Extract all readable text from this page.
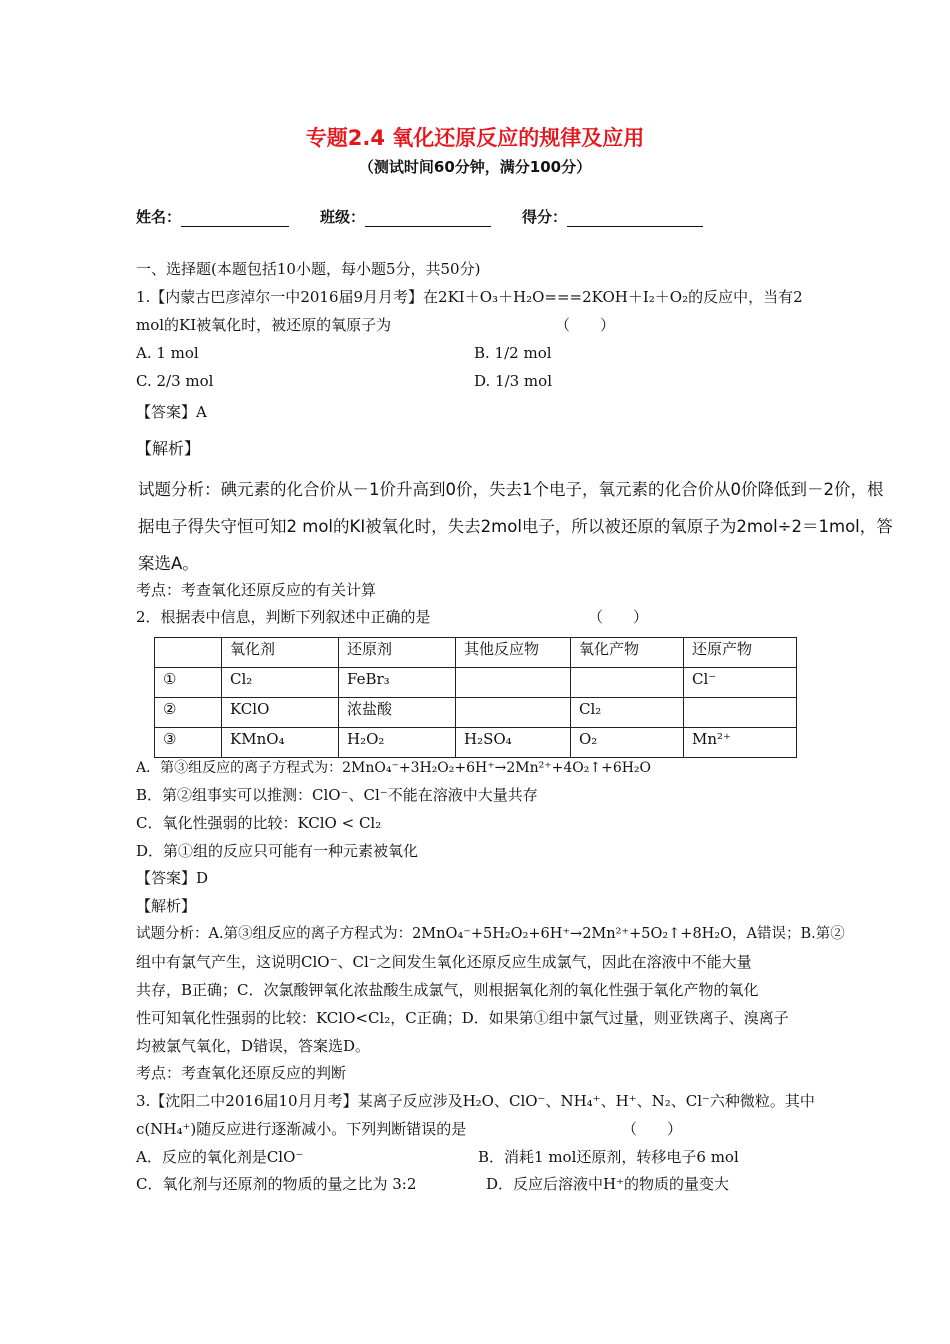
专题2.4 氧化还原反应的规律及应用
（测试时间60分钟，满分100分）
姓名：	班级：	得分：
一、选择题(本题包括10小题，每小题5分，共50分)
1.【内蒙古巴彦淖尔一中2016届9月月考】在2KI＋O₃＋H₂O===2KOH＋I₂＋O₂的反应中，当有2
mol的KI被氧化时，被还原的氧原子为	（　　）
A. 1 mol	B. 1/2 mol
C. 2/3 mol	D. 1/3 mol
【答案】A
【解析】
试题分析：碘元素的化合价从－1价升高到0价，失去1个电子，氧元素的化合价从0价降低到－2价，根
据电子得失守恒可知2 mol的KI被氧化时，失去2mol电子，所以被还原的氧原子为2mol÷2＝1mol，答
案选A。
考点：考查氧化还原反应的有关计算
2．根据表中信息，判断下列叙述中正确的是	（　　）
	氧化剂	还原剂	其他反应物	氧化产物	还原产物
①	Cl₂	FeBr₃			Cl⁻
②	KClO	浓盐酸		Cl₂	
③	KMnO₄	H₂O₂	H₂SO₄	O₂	Mn²⁺
A．第③组反应的离子方程式为：2MnO₄⁻+3H₂O₂+6H⁺→2Mn²⁺+4O₂↑+6H₂O
B．第②组事实可以推测：ClO⁻、Cl⁻不能在溶液中大量共存
C．氧化性强弱的比较：KClO < Cl₂
D．第①组的反应只可能有一种元素被氧化
【答案】D
【解析】
试题分析：A.第③组反应的离子方程式为：2MnO₄⁻+5H₂O₂+6H⁺→2Mn²⁺+5O₂↑+8H₂O，A错误；B.第②
组中有氯气产生，这说明ClO⁻、Cl⁻之间发生氧化还原反应生成氯气，因此在溶液中不能大量
共存，B正确；C．次氯酸钾氧化浓盐酸生成氯气，则根据氧化剂的氧化性强于氧化产物的氧化
性可知氧化性强弱的比较：KClO<Cl₂，C正确；D．如果第①组中氯气过量，则亚铁离子、溴离子
均被氯气氧化，D错误，答案选D。
考点：考查氧化还原反应的判断
3.【沈阳二中2016届10月月考】某离子反应涉及H₂O、ClO⁻、NH₄⁺、H⁺、N₂、Cl⁻六种微粒。其中
c(NH₄⁺)随反应进行逐渐减小。下列判断错误的是	（　　）
A．反应的氧化剂是ClO⁻	B．消耗1 mol还原剂，转移电子6 mol
C．氧化剂与还原剂的物质的量之比为 3:2	D．反应后溶液中H⁺的物质的量变大
